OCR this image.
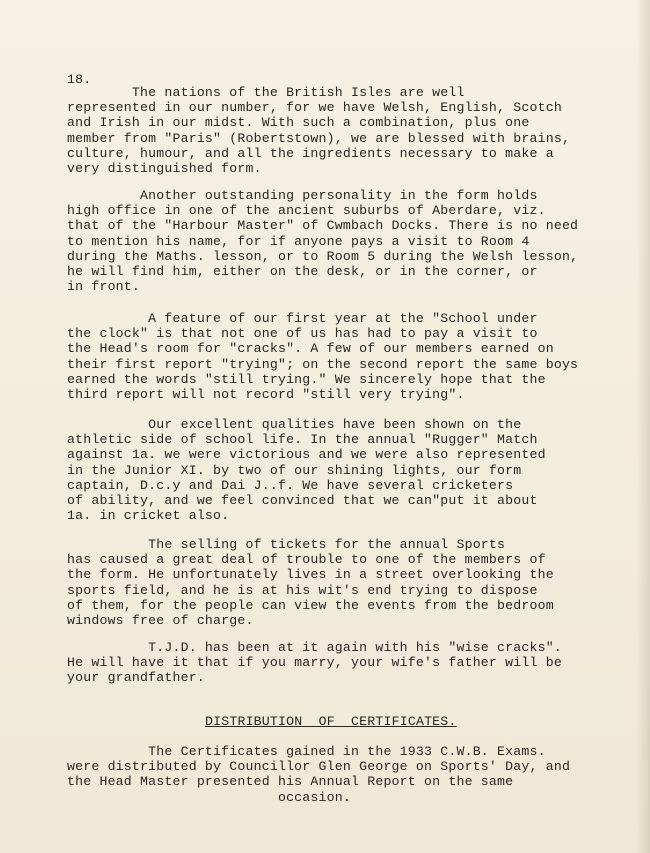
18.
The nations of the British Isles are well
represented in our number, for we have Welsh, English, Scotch
and Irish in our midst. With such a combination, plus one
member from "Paris" (Robertstown), we are blessed with brains,
culture, humour, and all the ingredients necessary to make a
very distinguished form.
Another outstanding personality in the form holds
high office in one of the ancient suburbs of Aberdare, viz.
that of the "Harbour Master" of Cwmbach Docks. There is no need
to mention his name, for if anyone pays a visit to Room 4
during the Maths. lesson, or to Room 5 during the Welsh lesson,
he will find him, either on the desk, or in the corner, or
in front.
A feature of our first year at the "School under
the clock" is that not one of us has had to pay a visit to
the Head's room for "cracks". A few of our members earned on
their first report "trying"; on the second report the same boys
earned the words "still trying." We sincerely hope that the
third report will not record "still very trying".
Our excellent qualities have been shown on the
athletic side of school life. In the annual "Rugger" Match
against 1a. we were victorious and we were also represented
in the Junior XI. by two of our shining lights, our form
captain, D.c.y and Dai J..f. We have several cricketers
of ability, and we feel convinced that we can"put it about
1a. in cricket also.
The selling of tickets for the annual Sports
has caused a great deal of trouble to one of the members of
the form. He unfortunately lives in a street overlooking the
sports field, and he is at his wit's end trying to dispose
of them, for the people can view the events from the bedroom
windows free of charge.
T.J.D. has been at it again with his "wise cracks".
He will have it that if you marry, your wife's father will be
your grandfather.
DISTRIBUTION  OF  CERTIFICATES.
The Certificates gained in the 1933 C.W.B. Exams.
were distributed by Councillor Glen George on Sports' Day, and
the Head Master presented his Annual Report on the same
occasion.
